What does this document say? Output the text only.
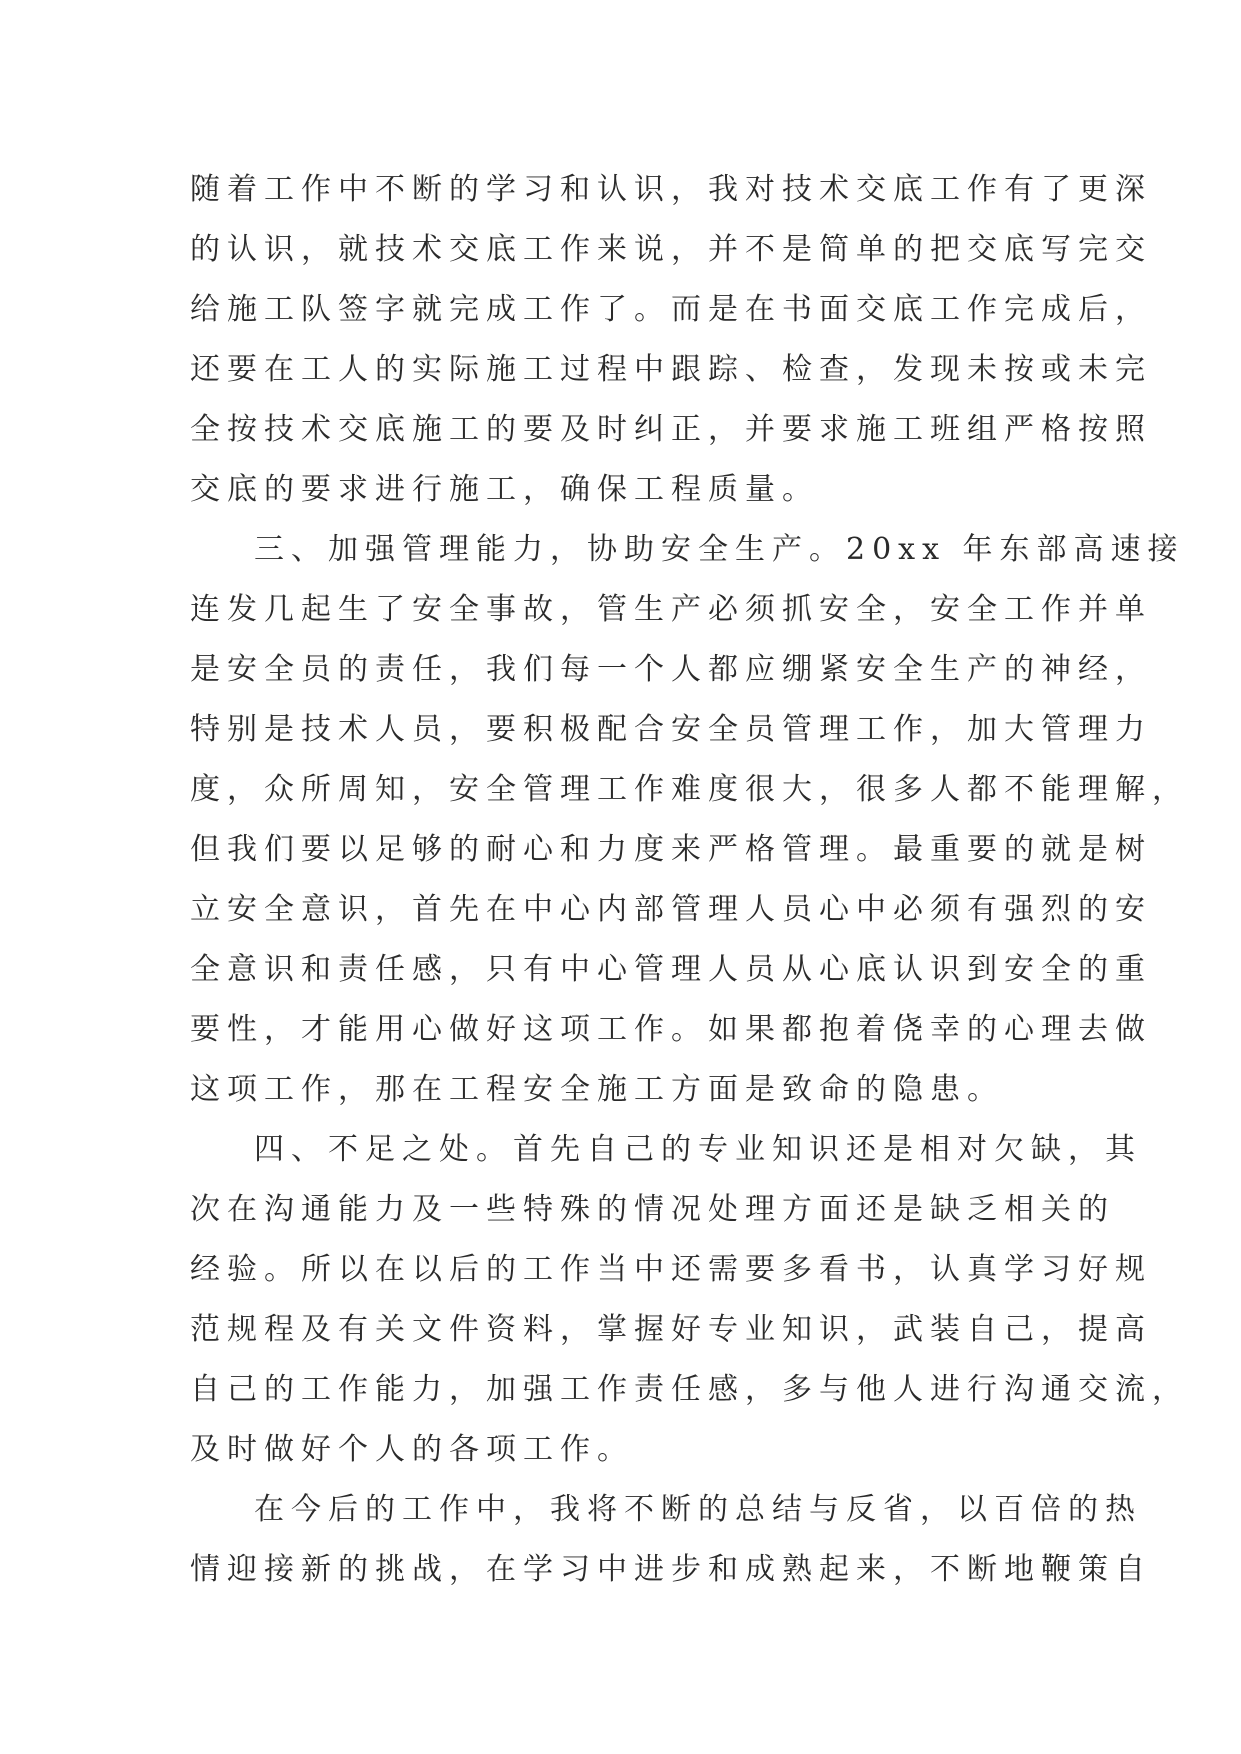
随着工作中不断的学习和认识，我对技术交底工作有了更深
的认识，就技术交底工作来说，并不是简单的把交底写完交
给施工队签字就完成工作了。而是在书面交底工作完成后，
还要在工人的实际施工过程中跟踪、检查，发现未按或未完
全按技术交底施工的要及时纠正，并要求施工班组严格按照
交底的要求进行施工，确保工程质量。
三、加强管理能力，协助安全生产。20xx 年东部高速接
连发几起生了安全事故，管生产必须抓安全，安全工作并单
是安全员的责任，我们每一个人都应绷紧安全生产的神经，
特别是技术人员，要积极配合安全员管理工作，加大管理力
度，众所周知，安全管理工作难度很大，很多人都不能理解，
但我们要以足够的耐心和力度来严格管理。最重要的就是树
立安全意识，首先在中心内部管理人员心中必须有强烈的安
全意识和责任感，只有中心管理人员从心底认识到安全的重
要性，才能用心做好这项工作。如果都抱着侥幸的心理去做
这项工作，那在工程安全施工方面是致命的隐患。
四、不足之处。首先自己的专业知识还是相对欠缺，其
次在沟通能力及一些特殊的情况处理方面还是缺乏相关的
经验。所以在以后的工作当中还需要多看书，认真学习好规
范规程及有关文件资料，掌握好专业知识，武装自己，提高
自己的工作能力，加强工作责任感，多与他人进行沟通交流，
及时做好个人的各项工作。
在今后的工作中，我将不断的总结与反省，以百倍的热
情迎接新的挑战，在学习中进步和成熟起来，不断地鞭策自
